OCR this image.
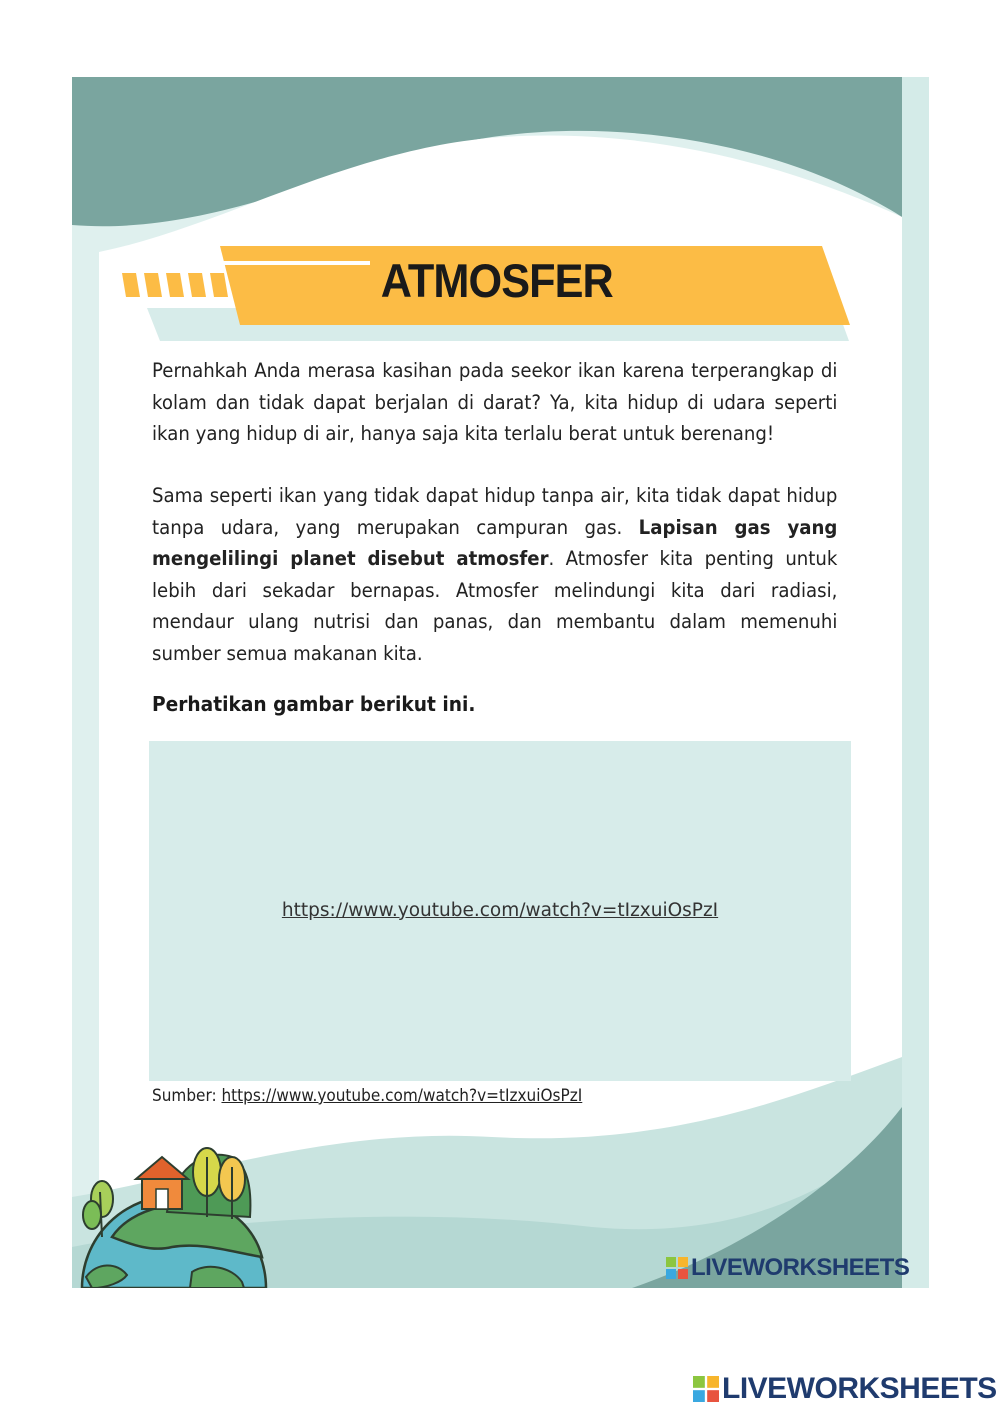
ATMOSFER
Pernahkah Anda merasa kasihan pada seekor ikan karena terperangkap di kolam dan tidak dapat berjalan di darat? Ya, kita hidup di udara seperti ikan yang hidup di air, hanya saja kita terlalu berat untuk berenang!
Sama seperti ikan yang tidak dapat hidup tanpa air, kita tidak dapat hidup tanpa udara, yang merupakan campuran gas. Lapisan gas yang mengelilingi planet disebut atmosfer. Atmosfer kita penting untuk lebih dari sekadar bernapas. Atmosfer melindungi kita dari radiasi, mendaur ulang nutrisi dan panas, dan membantu dalam memenuhi sumber semua makanan kita.
Perhatikan gambar berikut ini.
https://www.youtube.com/watch?v=tIzxuiOsPzI
Sumber: https://www.youtube.com/watch?v=tIzxuiOsPzI
LIVEWORKSHEETS
LIVEWORKSHEETS
